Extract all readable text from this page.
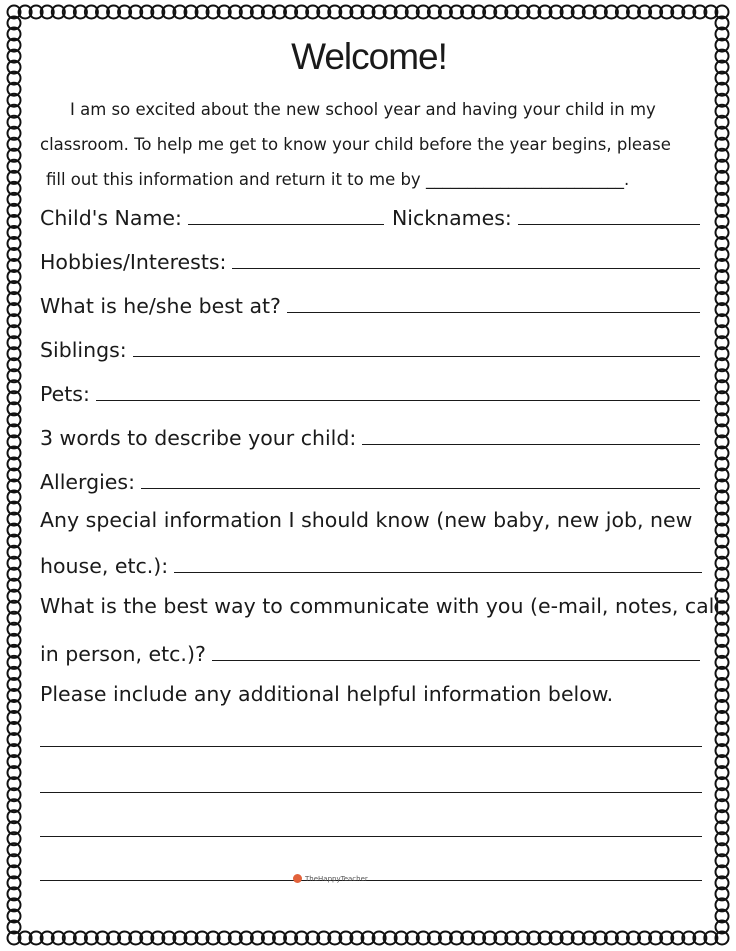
Welcome!
I am so excited about the new school year and having your child in my
classroom. To help me get to know your child before the year begins, please
fill out this information and return it to me by ________________________.
Child's Name:	Nicknames:
Hobbies/Interests:
What is he/she best at?
Siblings:
Pets:
3 words to describe your child:
Allergies:
Any special information I should know (new baby, new job, new
house, etc.):
What is the best way to communicate with you (e-mail, notes, call,
in person, etc.)?
Please include any additional helpful information below.
TheHappyTeacher
